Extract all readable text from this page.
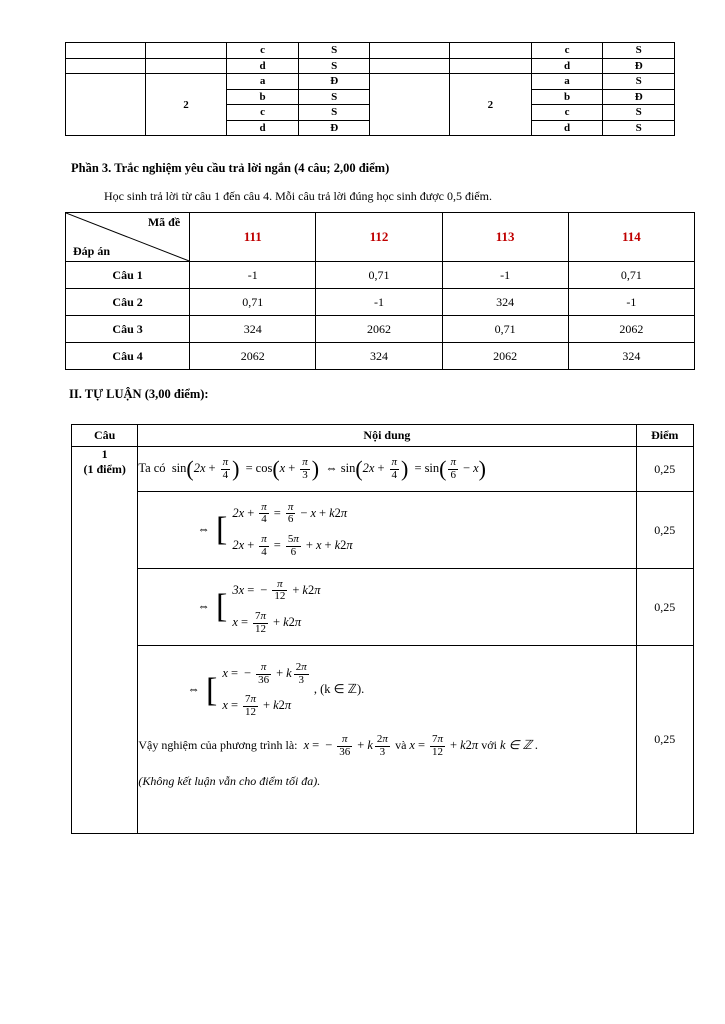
		c	S			c	S
		d	S			d	Đ
	2	a	Đ		2	a	S
		b	S			b	Đ
		c	S			c	S
		d	Đ			d	S
Phần 3. Trắc nghiệm yêu cầu trả lời ngắn (4 câu; 2,00 điểm)
Học sinh trả lời từ câu 1 đến câu 4. Mỗi câu trả lời đúng học sinh được 0,5 điểm.
Mã đề
Đáp án	111	112	113	114
Câu 1	-1	0,71	-1	0,71
Câu 2	0,71	-1	324	-1
Câu 3	324	2062	0,71	2062
Câu 4	2062	324	2062	324
II. TỰ LUẬN (3,00 điểm):
Câu	Nội dung	Điểm

1
(1 điểm)	Ta có  $\sin(2x + \frac{\pi}{4}$ ) = $\cos(x + \frac{\pi}{3}$ ) ⇔ $\sin(2x + \frac{\pi}{4}$ ) = $\sin( \frac{\pi}{6} - x)$	0,25
⇔ [ $2x + \frac{\pi}{4} = \frac{\pi}{6} - x + k2\pi$
$2x + \frac{\pi}{4} = \frac{5\pi}{6} + x + k2\pi$
	0,25
⇔ [ 3x = − $\frac{\pi}{12} + k2\pi$
$x = \frac{7\pi}{12} + k2\pi$
	0,25

⇔ [ x = − $\frac{\pi}{36} + k \frac{2\pi}{3}$
$x = \frac{7\pi}{12} + k2\pi$
, (k ∈ ℤ).
Vậy nghiệm của phương trình là: x = − $\frac{\pi}{36} + k \frac{2\pi}{3}$ và $x = \frac{7\pi}{12} + k2\pi$ với k ∈ ℤ .
(Không kết luận vẫn cho điểm tối đa).
	0,25
